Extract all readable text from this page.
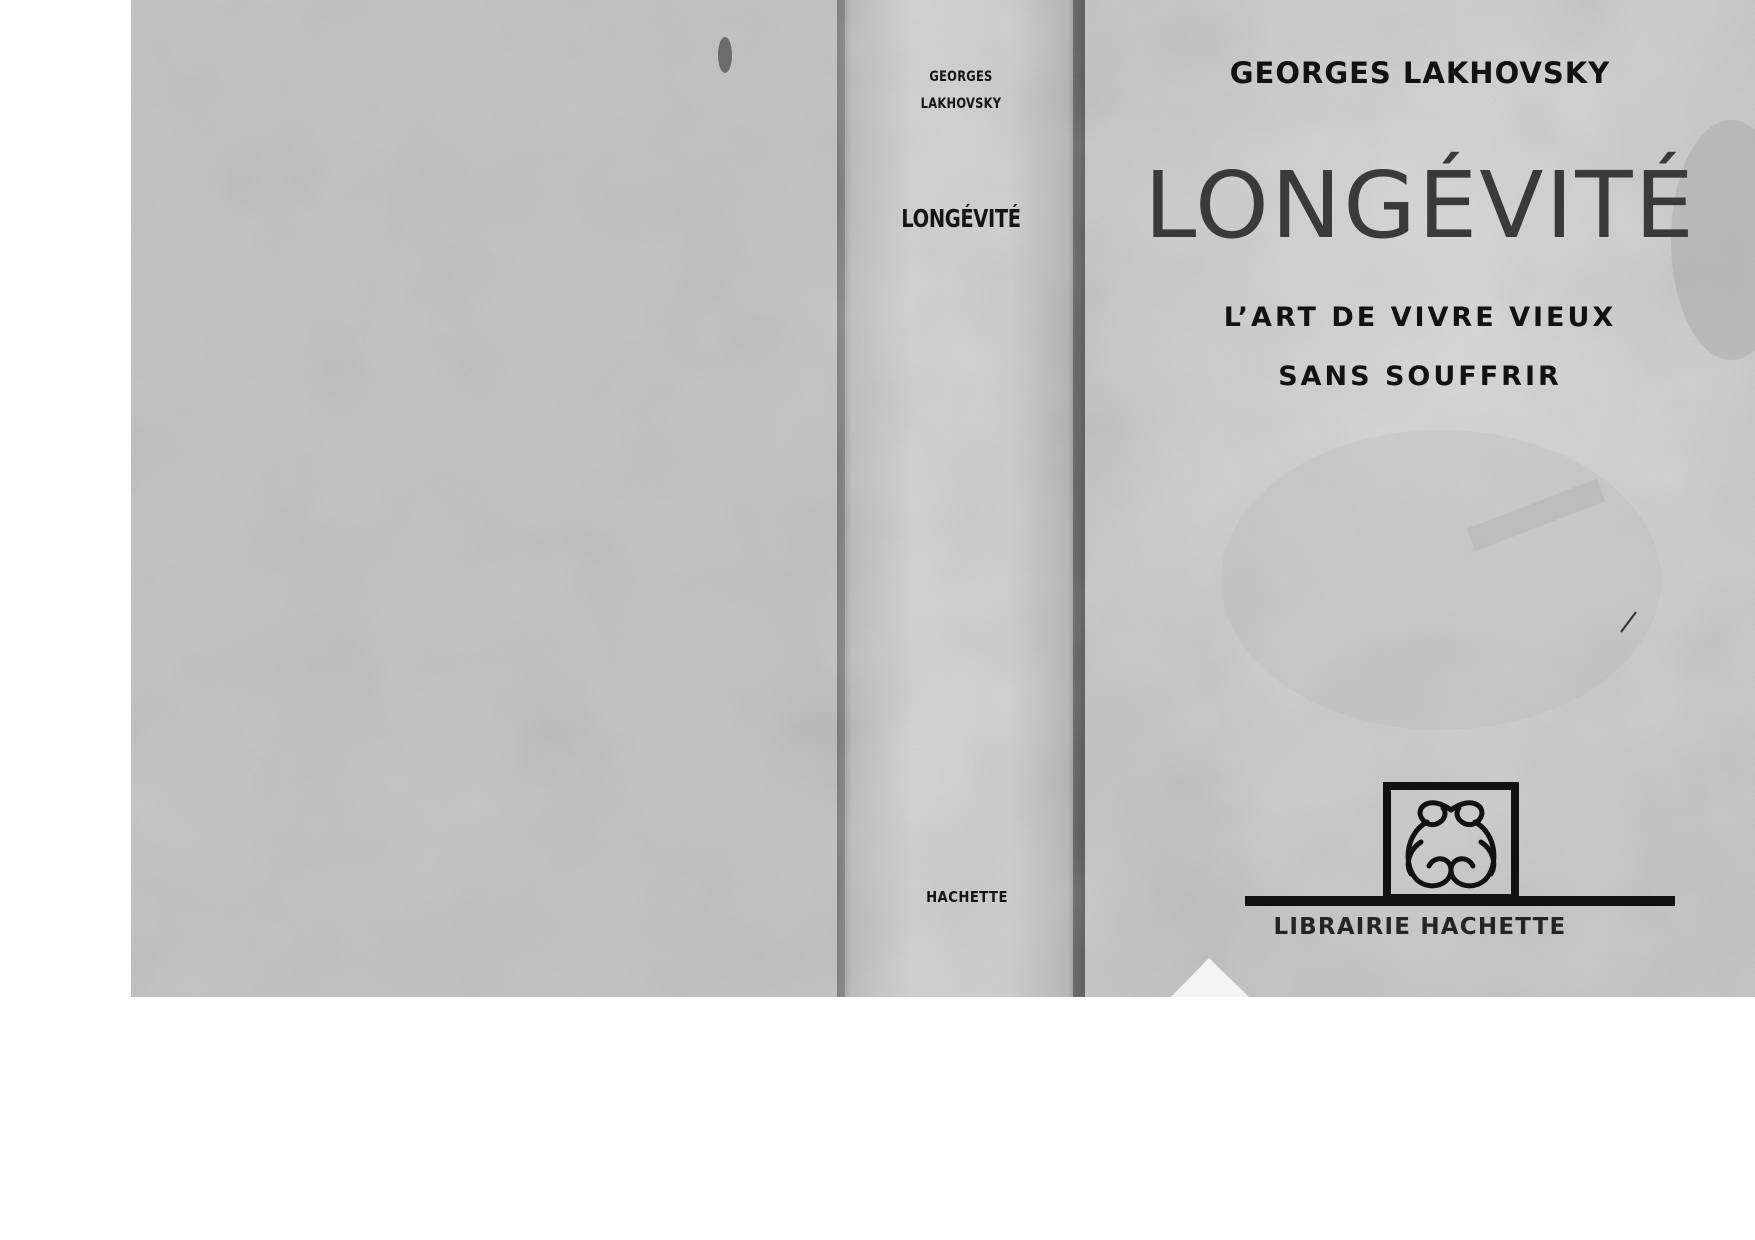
GEORGES
LAKHOVSKY
LONGÉVITÉ
HACHETTE
GEORGES LAKHOVSKY
LONGÉVITÉ
L’ART DE VIVRE VIEUX
SANS SOUFFRIR
LIBRAIRIE HACHETTE
